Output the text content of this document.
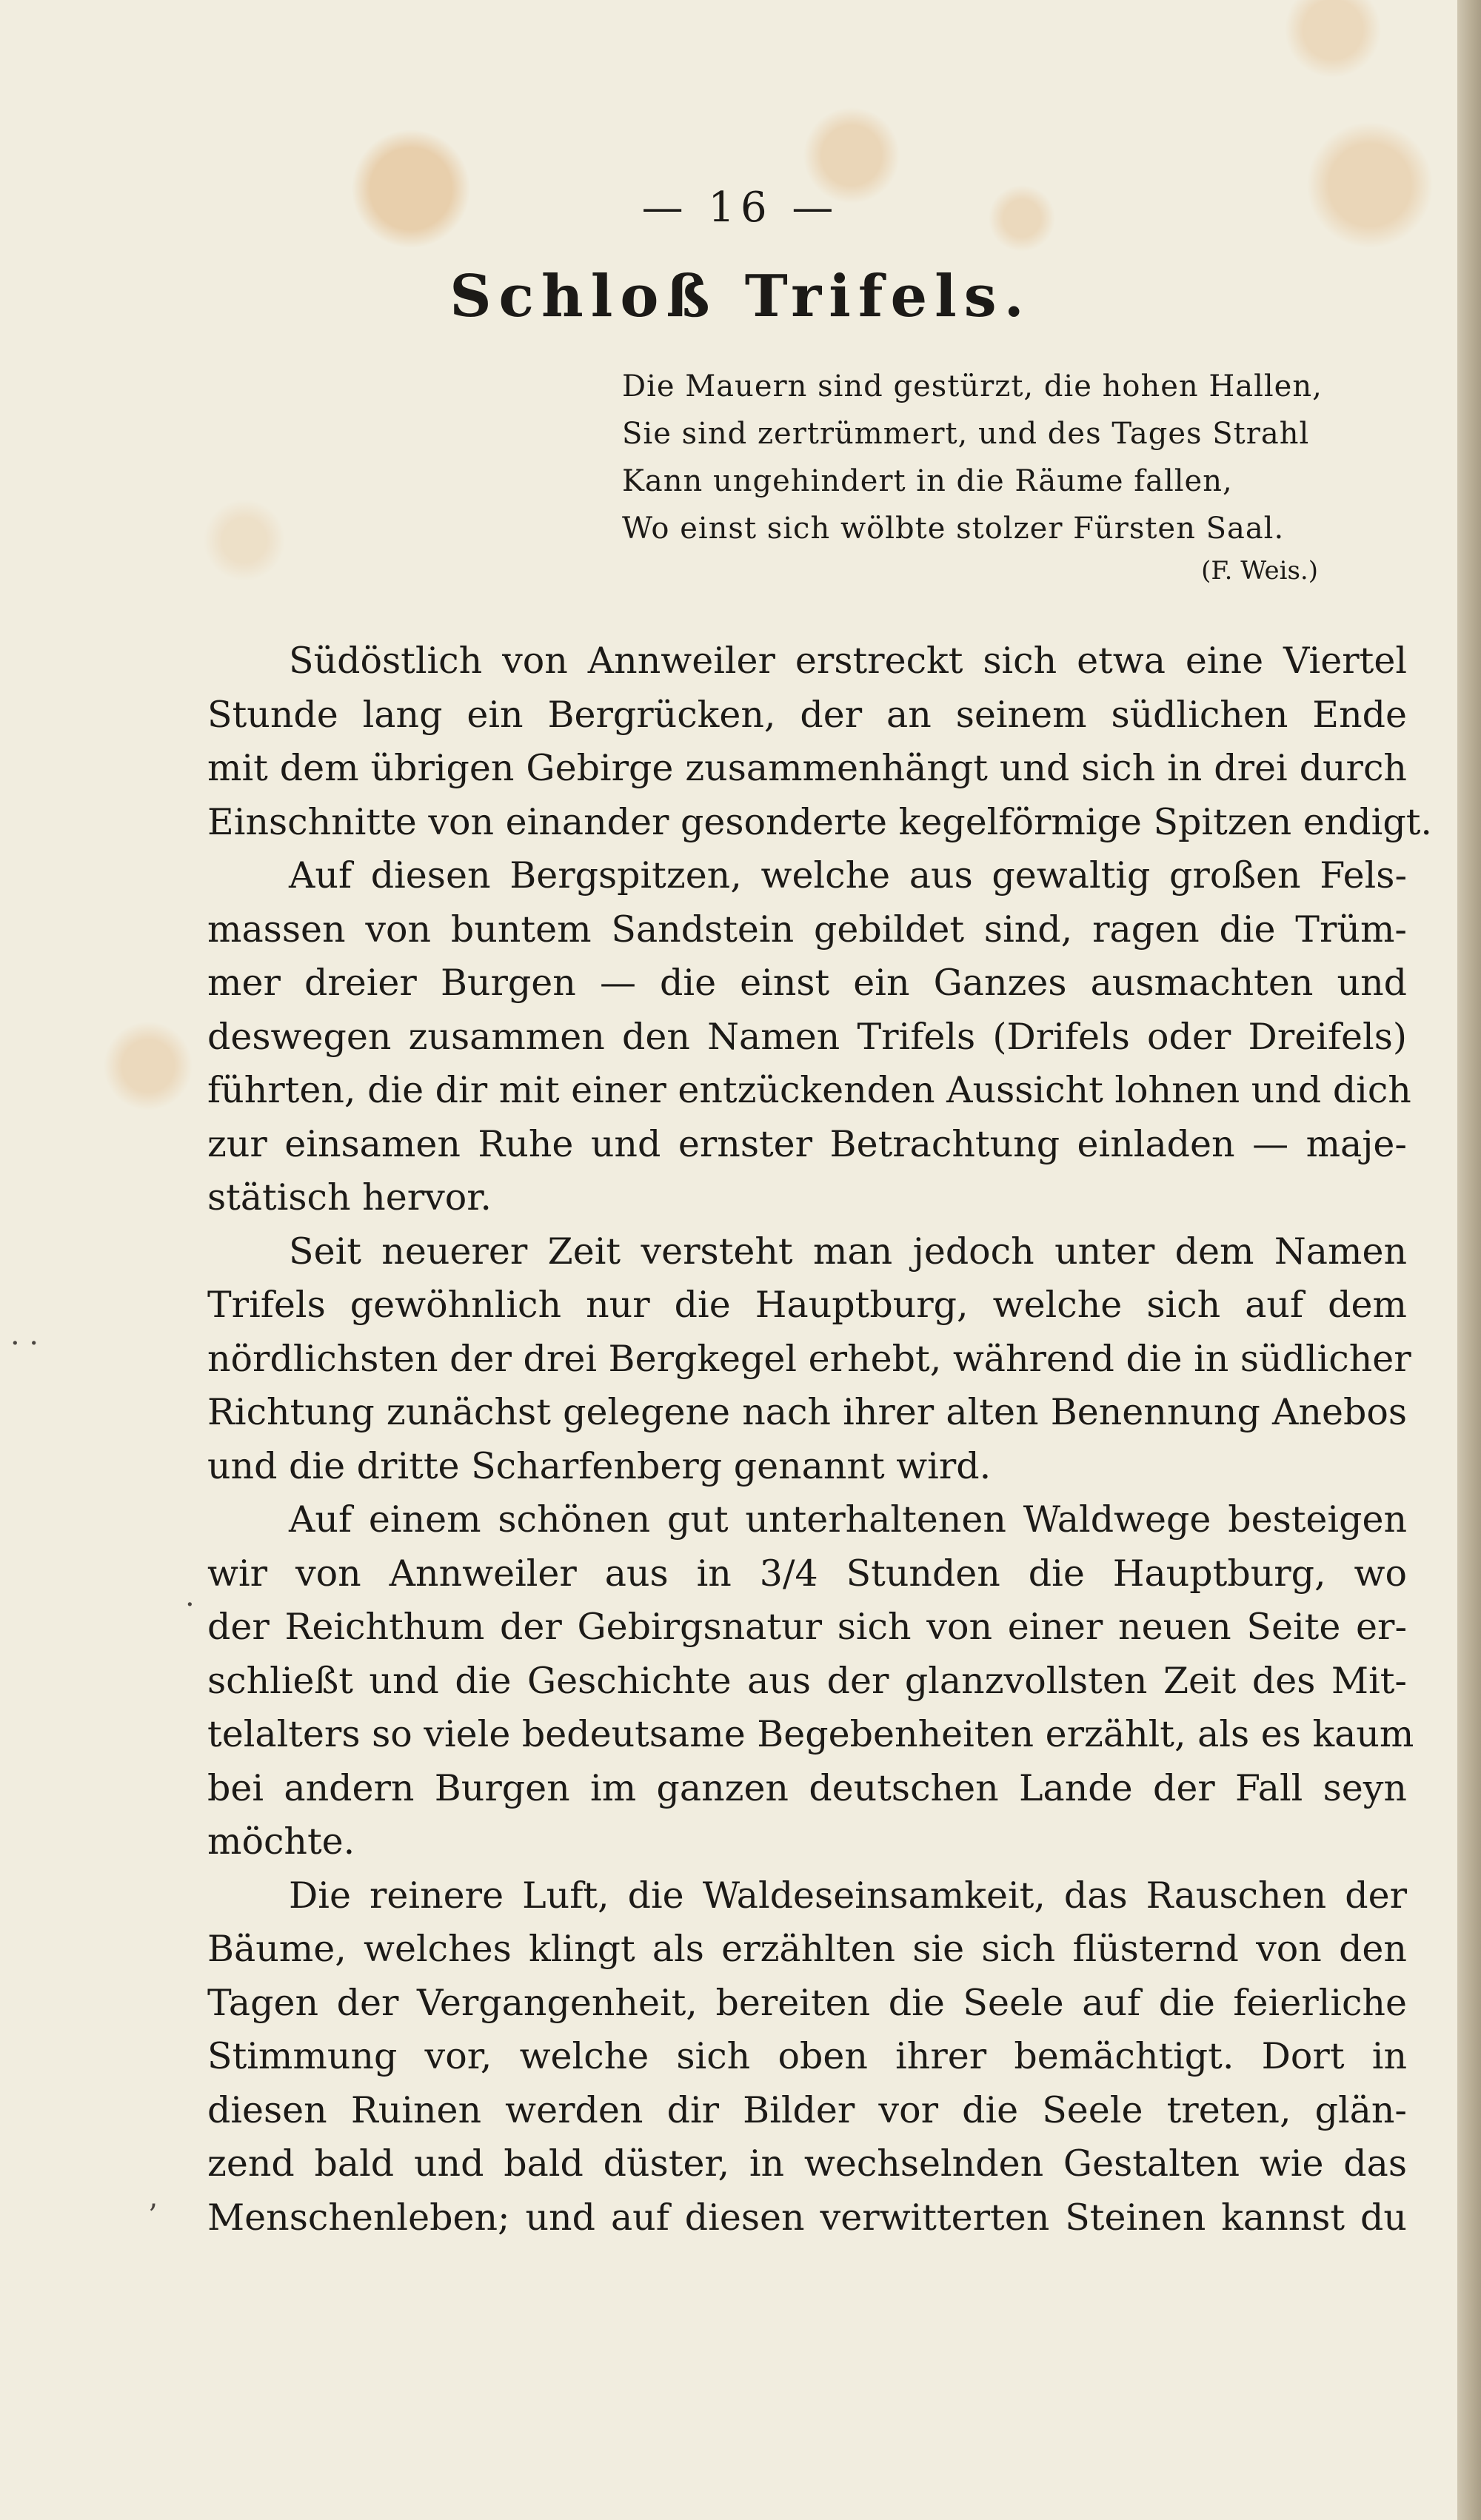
— 16 —
Schloß Trifels.
Die Mauern sind gestürzt, die hohen Hallen,
Sie sind zertrümmert, und des Tages Strahl
Kann ungehindert in die Räume fallen,
Wo einst sich wölbte stolzer Fürsten Saal.
(F. Weis.)
Südöstlich von Annweiler erstreckt sich etwa eine Viertel
Stunde lang ein Bergrücken, der an seinem südlichen Ende
mit dem übrigen Gebirge zusammenhängt und sich in drei durch
Einschnitte von einander gesonderte kegelförmige Spitzen endigt.
Auf diesen Bergspitzen, welche aus gewaltig großen Fels-
massen von buntem Sandstein gebildet sind, ragen die Trüm-
mer dreier Burgen — die einst ein Ganzes ausmachten und
deswegen zusammen den Namen Trifels (Drifels oder Dreifels)
führten, die dir mit einer entzückenden Aussicht lohnen und dich
zur einsamen Ruhe und ernster Betrachtung einladen — maje-
stätisch hervor.
Seit neuerer Zeit versteht man jedoch unter dem Namen
Trifels gewöhnlich nur die Hauptburg, welche sich auf dem
nördlichsten der drei Bergkegel erhebt, während die in südlicher
Richtung zunächst gelegene nach ihrer alten Benennung Anebos
und die dritte Scharfenberg genannt wird.
Auf einem schönen gut unterhaltenen Waldwege besteigen
wir von Annweiler aus in 3/4 Stunden die Hauptburg, wo
der Reichthum der Gebirgsnatur sich von einer neuen Seite er-
schließt und die Geschichte aus der glanzvollsten Zeit des Mit-
telalters so viele bedeutsame Begebenheiten erzählt, als es kaum
bei andern Burgen im ganzen deutschen Lande der Fall seyn
möchte.
Die reinere Luft, die Waldeseinsamkeit, das Rauschen der
Bäume, welches klingt als erzählten sie sich flüsternd von den
Tagen der Vergangenheit, bereiten die Seele auf die feierliche
Stimmung vor, welche sich oben ihrer bemächtigt. Dort in
diesen Ruinen werden dir Bilder vor die Seele treten, glän-
zend bald und bald düster, in wechselnden Gestalten wie das
Menschenleben; und auf diesen verwitterten Steinen kannst du
· ·
·
’
